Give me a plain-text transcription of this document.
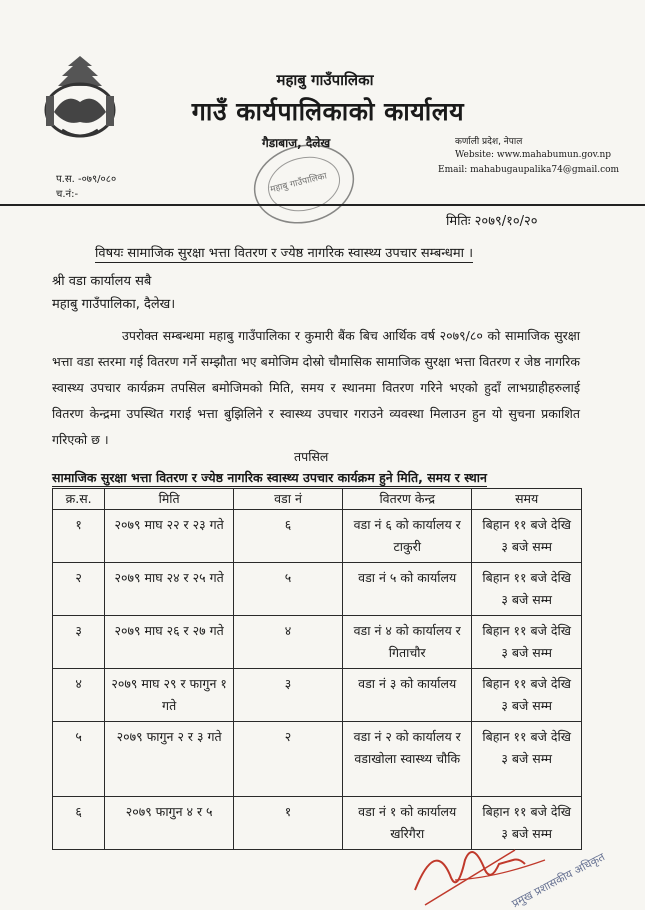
महाबु गाउँपालिका
गाउँ कार्यपालिकाको कार्यालय
गैडाबाज, दैलेख	कर्णाली प्रदेश, नेपाल
Website: www.mahabumun.gov.np
Email: mahabugaupalika74@gmail.com
प.स. -०७९/०८०
च.नं:-	महाबु गाउँपालिका
मितिः २०७९/१०/२०
विषयः सामाजिक सुरक्षा भत्ता वितरण र ज्येष्ठ नागरिक स्वास्थ्य उपचार सम्बन्धमा ।
श्री वडा कार्यालय सबै
महाबु गाउँपालिका, दैलेख।
उपरोक्त सम्बन्धमा महाबु गाउँपालिका र कुमारी बैंक बिच आर्थिक वर्ष २०७९/८० को सामाजिक सुरक्षा भत्ता वडा स्तरमा गई वितरण गर्ने सम्झौता भए बमोजिम दोस्रो चौमासिक सामाजिक सुरक्षा भत्ता वितरण र जेष्ठ नागरिक स्वास्थ्य उपचार कार्यक्रम तपसिल बमोजिमको मिति, समय र स्थानमा वितरण गरिने भएको हुदाँ लाभग्राहीहरुलाई वितरण केन्द्रमा उपस्थित गराई भत्ता बुझिलिने र स्वास्थ्य उपचार गराउने व्यवस्था मिलाउन हुन यो सुचना प्रकाशित गरिएको छ ।
तपसिल
सामाजिक सुरक्षा भत्ता वितरण र ज्येष्ठ नागरिक स्वास्थ्य उपचार कार्यक्रम हुने मिति, समय र स्थान
क्र.स.	मिति	वडा नं	वितरण केन्द्र	समय
१	२०७९ माघ २२ र २३ गते	६	वडा नं ६ को कार्यालय र टाकुरी	बिहान ११ बजे देखि ३ बजे सम्म
२	२०७९ माघ २४ र २५ गते	५	वडा नं ५ को कार्यालय	बिहान ११ बजे देखि ३ बजे सम्म
३	२०७९ माघ २६ र २७ गते	४	वडा नं ४ को कार्यालय र गिताचौर	बिहान ११ बजे देखि ३ बजे सम्म
४	२०७९ माघ २९ र फागुन १ गते	३	वडा नं ३ को कार्यालय	बिहान ११ बजे देखि ३ बजे सम्म
५	२०७९ फागुन २ र ३ गते	२	वडा नं २ को कार्यालय र वडाखोला स्वास्थ्य चौकि	बिहान ११ बजे देखि ३ बजे सम्म
६	२०७९ फागुन ४ र ५	१	वडा नं १ को कार्यालय खरिगैरा	बिहान ११ बजे देखि ३ बजे सम्म
प्रमुख प्रशासकीय अधिकृत
